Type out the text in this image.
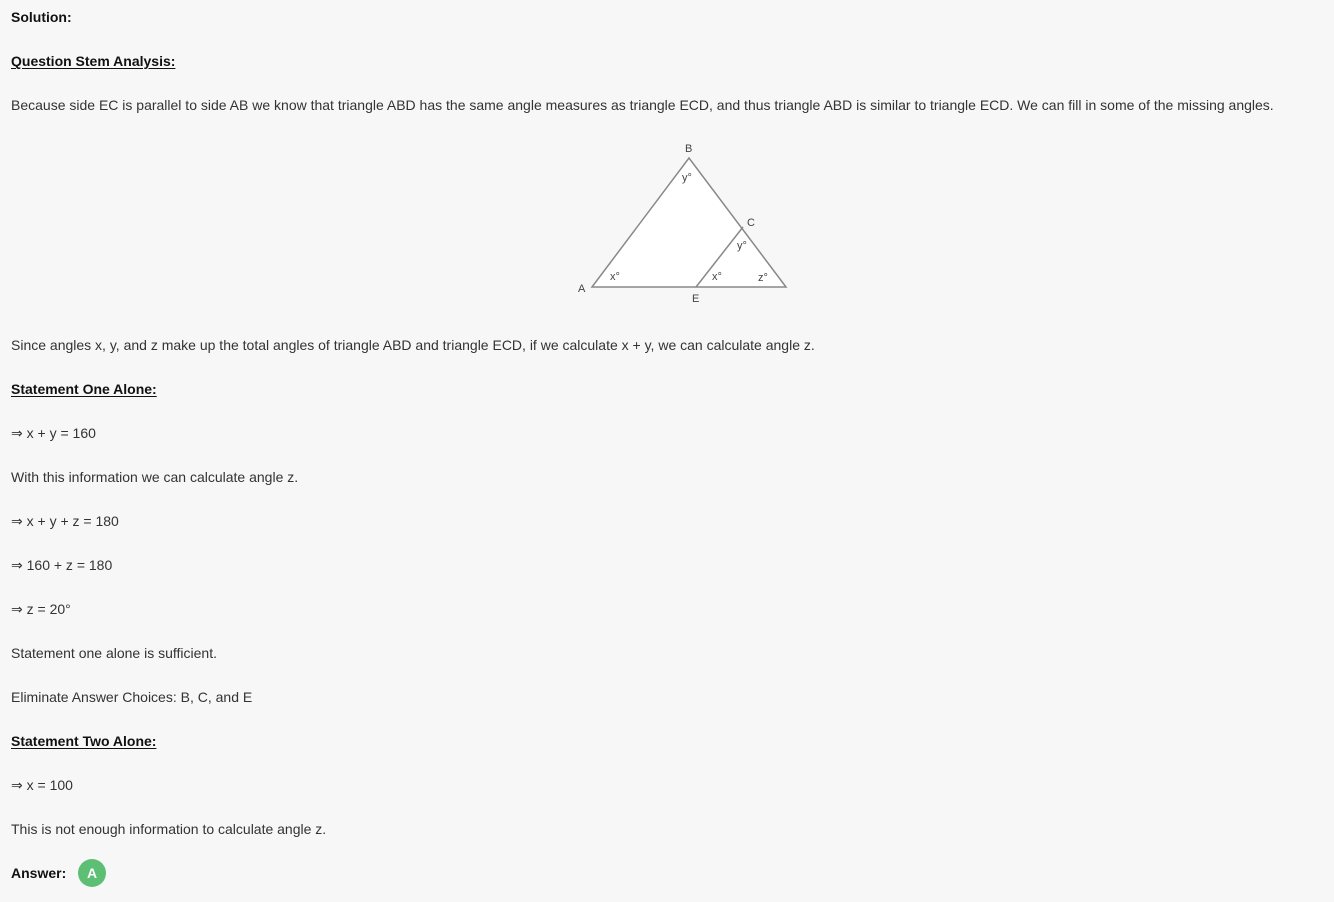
Solution:
Question Stem Analysis:
Because side EC is parallel to side AB we know that triangle ABD has the same angle measures as triangle ECD, and thus triangle ABD is similar to triangle ECD. We can fill in some of the missing angles.
B
C
A
E
y°
y°
x°	x°	z°
Since angles x, y, and z make up the total angles of triangle ABD and triangle ECD, if we calculate x + y, we can calculate angle z.
Statement One Alone:
⇒ x + y = 160
With this information we can calculate angle z.
⇒ x + y + z = 180
⇒ 160 + z = 180
⇒ z = 20°
Statement one alone is sufficient.
Eliminate Answer Choices: B, C, and E
Statement Two Alone:
⇒ x = 100
This is not enough information to calculate angle z.
Answer:	A
